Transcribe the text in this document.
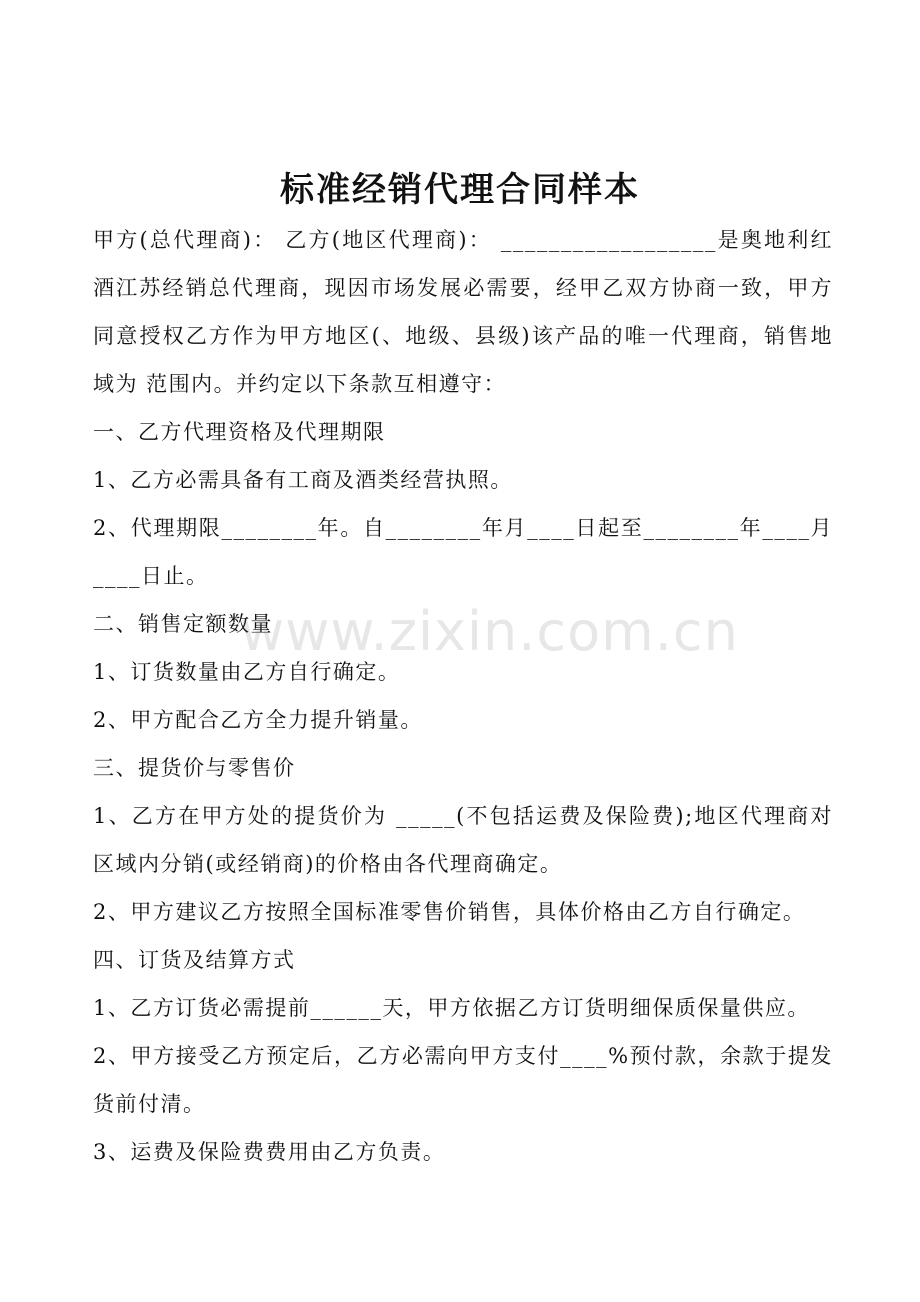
标准经销代理合同样本

甲方(总代理商)： 乙方(地区代理商)： __________________是奥地利红酒江苏经销总代理商，现因市场发展必需要，经甲乙双方协商一致，甲方同意授权乙方作为甲方地区(、地级、县级)该产品的唯一代理商，销售地 域为 范围内。并约定以下条款互相遵守：

一、乙方代理资格及代理期限

1、乙方必需具备有工商及酒类经营执照。

2、代理期限________年。自________年月____日起至________年____月____日止。

二、销售定额数量

1、订货数量由乙方自行确定。

2、甲方配合乙方全力提升销量。

三、提货价与零售价

1、乙方在甲方处的提货价为 _____(不包括运费及保险费);地区代理商对区域内分销(或经销商)的价格由各代理商确定。

2、甲方建议乙方按照全国标准零售价销售，具体价格由乙方自行确定。

四、订货及结算方式

1、乙方订货必需提前______天，甲方依据乙方订货明细保质保量供应。

2、甲方接受乙方预定后，乙方必需向甲方支付____%预付款，余款于提发货前付清。

3、运费及保险费费用由乙方负责。

www.zixin.com.cn
